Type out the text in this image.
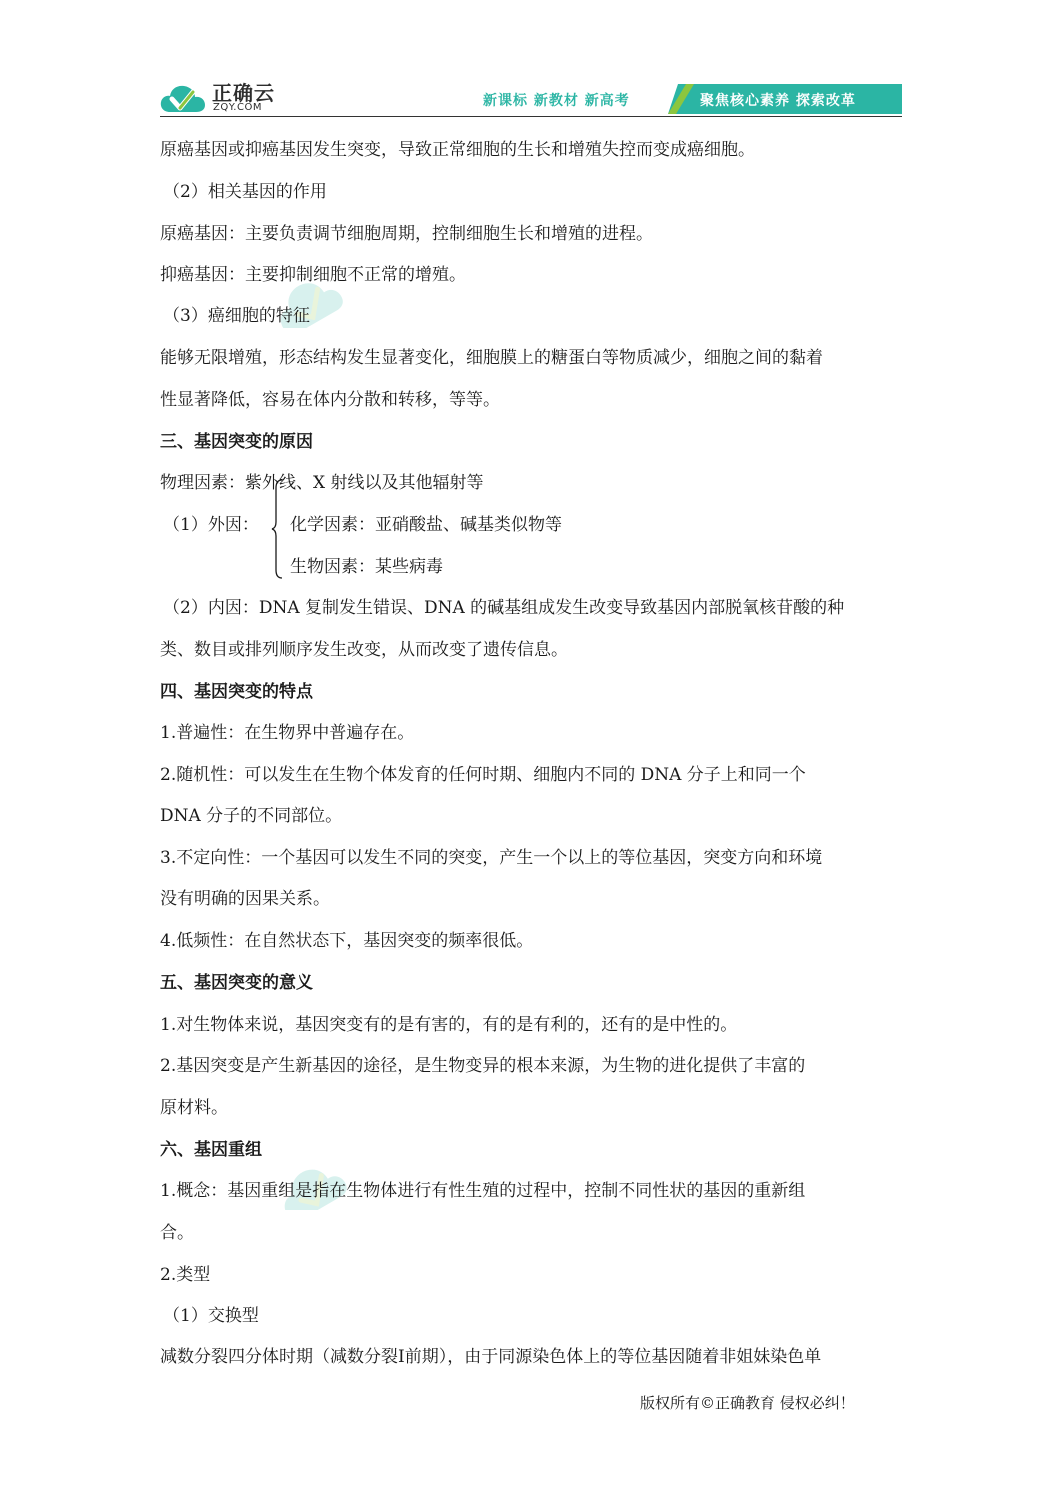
正确云
ZQY.COM	新课标 新教材 新高考	聚焦核心素养 探索改革
原癌基因或抑癌基因发生突变，导致正常细胞的生长和增殖失控而变成癌细胞。
（2）相关基因的作用
原癌基因：主要负责调节细胞周期，控制细胞生长和增殖的进程。
抑癌基因：主要抑制细胞不正常的增殖。
（3）癌细胞的特征
能够无限增殖，形态结构发生显著变化，细胞膜上的糖蛋白等物质减少，细胞之间的黏着
性显著降低，容易在体内分散和转移，等等。
三、基因突变的原因
物理因素：紫外线、X 射线以及其他辐射等
（1）外因： 化学因素：亚硝酸盐、碱基类似物等
生物因素：某些病毒
（2）内因：DNA 复制发生错误、DNA 的碱基组成发生改变导致基因内部脱氧核苷酸的种
类、数目或排列顺序发生改变，从而改变了遗传信息。
四、基因突变的特点
1.普遍性：在生物界中普遍存在。
2.随机性：可以发生在生物个体发育的任何时期、细胞内不同的 DNA 分子上和同一个
DNA 分子的不同部位。
3.不定向性：一个基因可以发生不同的突变，产生一个以上的等位基因，突变方向和环境
没有明确的因果关系。
4.低频性：在自然状态下，基因突变的频率很低。
五、基因突变的意义
1.对生物体来说，基因突变有的是有害的，有的是有利的，还有的是中性的。
2.基因突变是产生新基因的途径，是生物变异的根本来源，为生物的进化提供了丰富的
原材料。
六、基因重组
1.概念：基因重组是指在生物体进行有性生殖的过程中，控制不同性状的基因的重新组
合。
2.类型
（1）交换型
减数分裂四分体时期（减数分裂Ⅰ前期），由于同源染色体上的等位基因随着非姐妹染色单
版权所有©正确教育 侵权必纠！
